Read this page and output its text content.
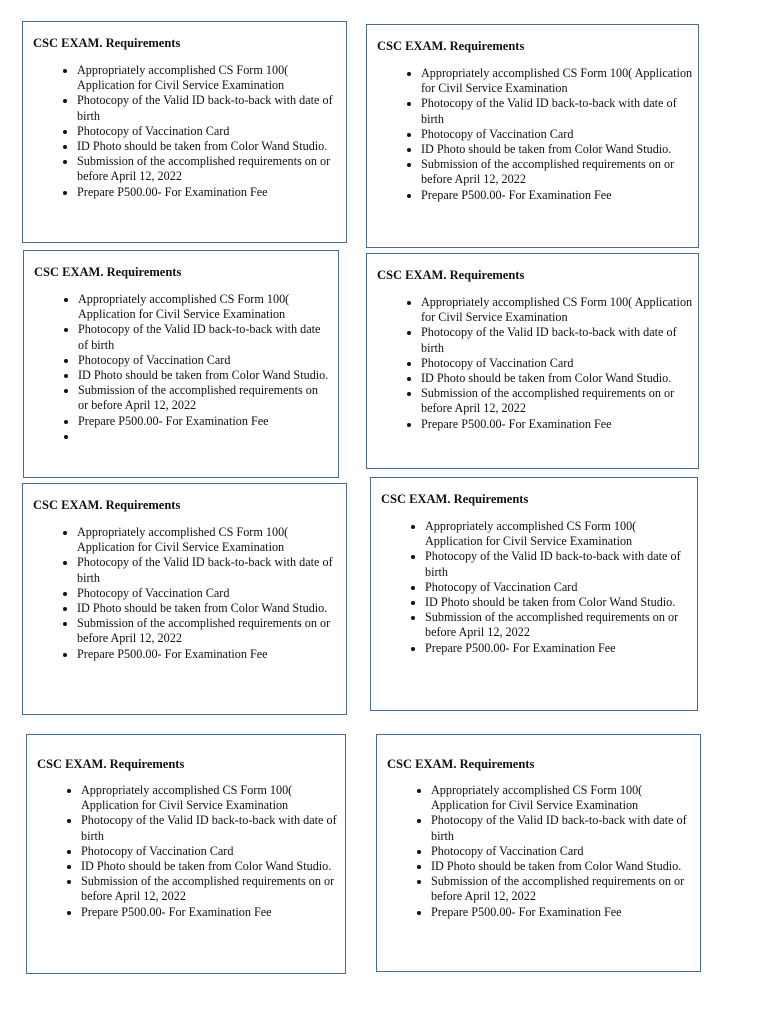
CSC EXAM. Requirements
• Appropriately accomplished CS Form 100( Application for Civil Service Examination
• Photocopy of the Valid ID back-to-back with date of birth
• Photocopy of Vaccination Card
• ID Photo should be taken from Color Wand Studio.
• Submission of the accomplished requirements on or before April 12, 2022
• Prepare P500.00- For Examination Fee
CSC EXAM. Requirements
• Appropriately accomplished CS Form 100( Application for Civil Service Examination
• Photocopy of the Valid ID back-to-back with date of birth
• Photocopy of Vaccination Card
• ID Photo should be taken from Color Wand Studio.
• Submission of the accomplished requirements on or before April 12, 2022
• Prepare P500.00- For Examination Fee
CSC EXAM. Requirements
• Appropriately accomplished CS Form 100( Application for Civil Service Examination
• Photocopy of the Valid ID back-to-back with date of birth
• Photocopy of Vaccination Card
• ID Photo should be taken from Color Wand Studio.
• Submission of the accomplished requirements on or before April 12, 2022
• Prepare P500.00- For Examination Fee
•
CSC EXAM. Requirements
• Appropriately accomplished CS Form 100( Application for Civil Service Examination
• Photocopy of the Valid ID back-to-back with date of birth
• Photocopy of Vaccination Card
• ID Photo should be taken from Color Wand Studio.
• Submission of the accomplished requirements on or before April 12, 2022
• Prepare P500.00- For Examination Fee
CSC EXAM. Requirements
• Appropriately accomplished CS Form 100( Application for Civil Service Examination
• Photocopy of the Valid ID back-to-back with date of birth
• Photocopy of Vaccination Card
• ID Photo should be taken from Color Wand Studio.
• Submission of the accomplished requirements on or before April 12, 2022
• Prepare P500.00- For Examination Fee
CSC EXAM. Requirements
• Appropriately accomplished CS Form 100( Application for Civil Service Examination
• Photocopy of the Valid ID back-to-back with date of birth
• Photocopy of Vaccination Card
• ID Photo should be taken from Color Wand Studio.
• Submission of the accomplished requirements on or before April 12, 2022
• Prepare P500.00- For Examination Fee
CSC EXAM. Requirements
• Appropriately accomplished CS Form 100( Application for Civil Service Examination
• Photocopy of the Valid ID back-to-back with date of birth
• Photocopy of Vaccination Card
• ID Photo should be taken from Color Wand Studio.
• Submission of the accomplished requirements on or before April 12, 2022
• Prepare P500.00- For Examination Fee
CSC EXAM. Requirements
• Appropriately accomplished CS Form 100( Application for Civil Service Examination
• Photocopy of the Valid ID back-to-back with date of birth
• Photocopy of Vaccination Card
• ID Photo should be taken from Color Wand Studio.
• Submission of the accomplished requirements on or before April 12, 2022
• Prepare P500.00- For Examination Fee
